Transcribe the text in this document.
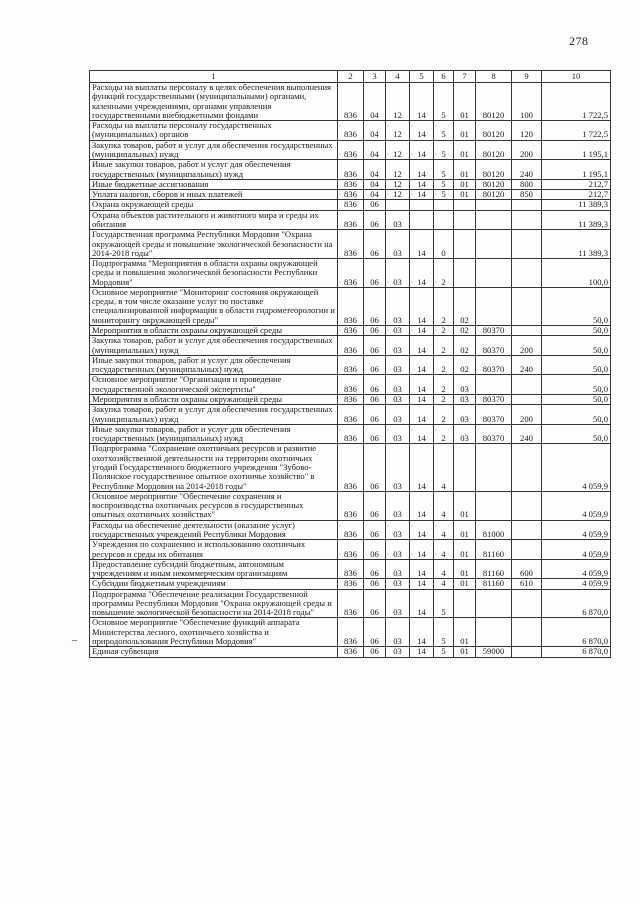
278
–
1	2	3	4	5	6	7	8	9	10
Расходы на выплаты персоналу в целях обеспечения выполнения функций государственными (муниципальными) органами, казенными учреждениями, органами управления государственными внебюджетными фондами	836	04	12	14	5	01	80120	100	1 722,5
Расходы на выплаты персоналу государственных (муниципальных) органов	836	04	12	14	5	01	80120	120	1 722,5
Закупка товаров, работ и услуг для обеспечения государственных (муниципальных) нужд	836	04	12	14	5	01	80120	200	1 195,1
Иные закупки товаров, работ и услуг для обеспечения государственных (муниципальных) нужд	836	04	12	14	5	01	80120	240	1 195,1
Иные бюджетные ассигнования	836	04	12	14	5	01	80120	800	212,7
Уплата налогов, сборов и иных платежей	836	04	12	14	5	01	80120	850	212,7
Охрана окружающей среды	836	06							11 389,3
Охрана объектов растительного и животного мира и среды их обитания	836	06	03						11 389,3
Государственная программа Республики Мордовия "Охрана окружающей среды и повышение экологической безопасности на 2014-2018 годы"	836	06	03	14	0				11 389,3
Подпрограмма "Мероприятия в области охраны окружающей среды и повышения экологической безопасности Республики Мордовия"	836	06	03	14	2				100,0
Основное мероприятие "Мониторинг состояния окружающей среды, в том числе оказание услуг по поставке специализированной информации в области гидрометеорологии и мониторингу окружающей среды"	836	06	03	14	2	02			50,0
Мероприятия в области охраны окружающей среды	836	06	03	14	2	02	80370		50,0
Закупка товаров, работ и услуг для обеспечения государственных (муниципальных) нужд	836	06	03	14	2	02	80370	200	50,0
Иные закупки товаров, работ и услуг для обеспечения государственных (муниципальных) нужд	836	06	03	14	2	02	80370	240	50,0
Основное мероприятие "Организация и проведение государственной экологической экспертизы"	836	06	03	14	2	03			50,0
Мероприятия в области охраны окружающей среды	836	06	03	14	2	03	80370		50,0
Закупка товаров, работ и услуг для обеспечения государственных (муниципальных) нужд	836	06	03	14	2	03	80370	200	50,0
Иные закупки товаров, работ и услуг для обеспечения государственных (муниципальных) нужд	836	06	03	14	2	03	80370	240	50,0
Подпрограмма "Сохранение охотничьих ресурсов и развитие охотхозяйственной деятельности на территории охотничьих угодий Государственного бюджетного учреждения "Зубово-Полянское государственное опытное охотничье хозяйство" в Республике Мордовия на 2014-2018 годы"	836	06	03	14	4				4 059,9
Основное мероприятие "Обеспечение сохранения и воспроизводства охотничьих ресурсов в государственных опытных охотничьих хозяйствах"	836	06	03	14	4	01			4 059,9
Расходы на обеспечение деятельности (оказание услуг) государственных учреждений Республики Мордовия	836	06	03	14	4	01	81000		4 059,9
Учреждения по сохранению и использованию охотничьих ресурсов и среды их обитания	836	06	03	14	4	01	81160		4 059,9
Предоставление субсидий бюджетным, автономным учреждениям и иным некоммерческим организациям	836	06	03	14	4	01	81160	600	4 059,9
Субсидии бюджетным учреждениям	836	06	03	14	4	01	81160	610	4 059,9
Подпрограмма "Обеспечение реализации Государственной программы Республики Мордовия "Охрана окружающей среды и повышение экологической безопасности на 2014-2018 годы"	836	06	03	14	5				6 870,0
Основное мероприятие "Обеспечение функций аппарата Министерства лесного, охотничьего хозяйства и природопользования Республики Мордовия"	836	06	03	14	5	01			6 870,0
Единая субвенция	836	06	03	14	5	01	59000		6 870,0
